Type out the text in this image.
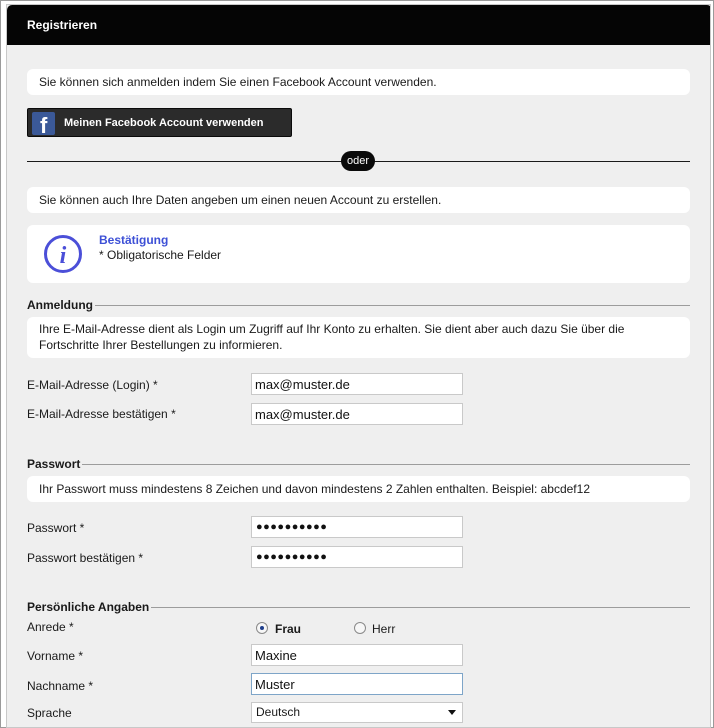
Registrieren
Sie können sich anmelden indem Sie einen Facebook Account verwenden.
f Meinen Facebook Account verwenden
oder
Sie können auch Ihre Daten angeben um einen neuen Account zu erstellen.
i
Bestätigung
* Obligatorische Felder
Anmeldung
Ihre E-Mail-Adresse dient als Login um Zugriff auf Ihr Konto zu erhalten. Sie dient aber auch dazu Sie über die
Fortschritte Ihrer Bestellungen zu informieren.
E-Mail-Adresse (Login) *
max@muster.de
E-Mail-Adresse bestätigen *
max@muster.de
Passwort
Ihr Passwort muss mindestens 8 Zeichen und davon mindestens 2 Zahlen enthalten. Beispiel: abcdef12
Passwort *	●●●●●●●●●●
Passwort bestätigen *	●●●●●●●●●●
Persönliche Angaben
Anrede *	Frau	Herr
Vorname *
Maxine
Nachname *
Muster
Sprache	Deutsch
